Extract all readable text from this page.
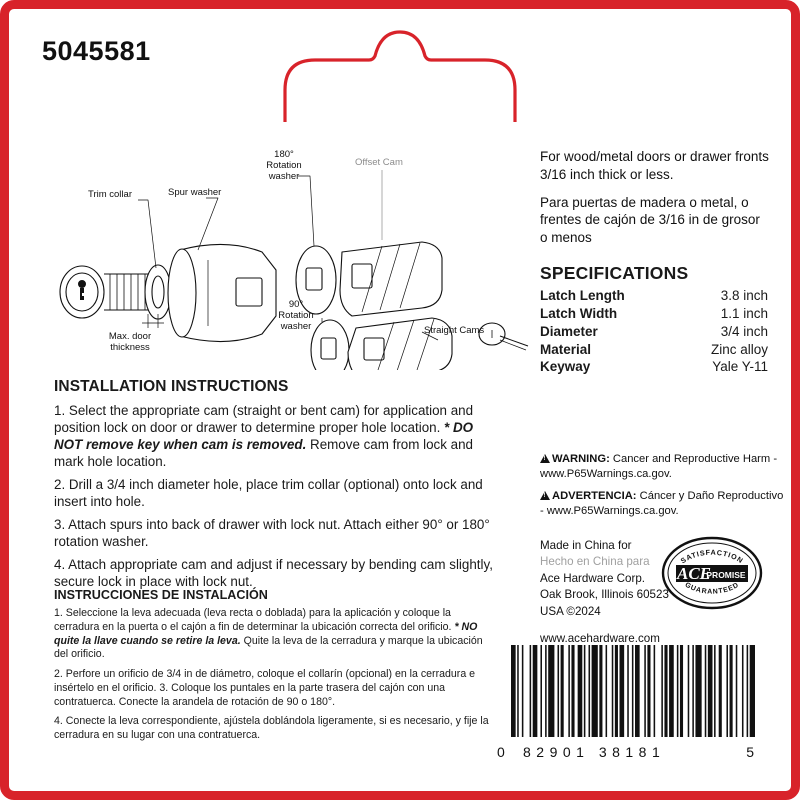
5045581
180° Rotation washer
Offset Cam
Spur washer
Trim collar
90° Rotation washer	Straight Cams
Max. door thickness
For wood/metal doors or drawer fronts 3/16 inch thick or less.
Para puertas de madera o metal, o frentes de cajón de 3/16 in de grosor o menos
SPECIFICATIONS
Latch Length	3.8 inch
Latch Width	1.1 inch
Diameter	3/4 inch
Material	Zinc alloy
Keyway	Yale Y-11
!WARNING: Cancer and Reproductive Harm - www.P65Warnings.ca.gov.
!ADVERTENCIA: Cáncer y Daño Reproductivo - www.P65Warnings.ca.gov.
Made in China for
Hecho en China para
Ace Hardware Corp.
Oak Brook, Illinois 60523
USA ©2024
www.acehardware.com
SATISFACTION
GUARANTEED
ACE
PROMISE
INSTALLATION INSTRUCTIONS

1. Select the appropriate cam (straight or bent cam) for application and position lock on door or drawer to determine proper hole location. * DO NOT remove key when cam is removed. Remove cam from lock and mark hole location.

2. Drill a 3/4 inch diameter hole, place trim collar (optional) onto lock and insert into hole.

3. Attach spurs into back of drawer with lock nut. Attach either 90° or 180° rotation washer.

4. Attach appropriate cam and adjust if necessary by bending cam slightly, secure lock in place with lock nut.

INSTRUCCIONES DE INSTALACIÓN

1. Seleccione la leva adecuada (leva recta o doblada) para la aplicación y coloque la cerradura en la puerta o el cajón a fin de determinar la ubicación correcta del orificio. * NO quite la llave cuando se retire la leva. Quite la leva de la cerradura y marque la ubicación del orificio.

2. Perfore un orificio de 3/4 in de diámetro, coloque el collarín (opcional) en la cerradura e insértelo en el orificio. 3. Coloque los puntales en la parte trasera del cajón con una contratuerca. Conecte la arandela de rotación de 90 o 180°.

4. Conecte la leva correspondiente, ajústela doblándola ligeramente, si es necesario, y fije la cerradura en su lugar con una contratuerca.

0 82901 38181	5
